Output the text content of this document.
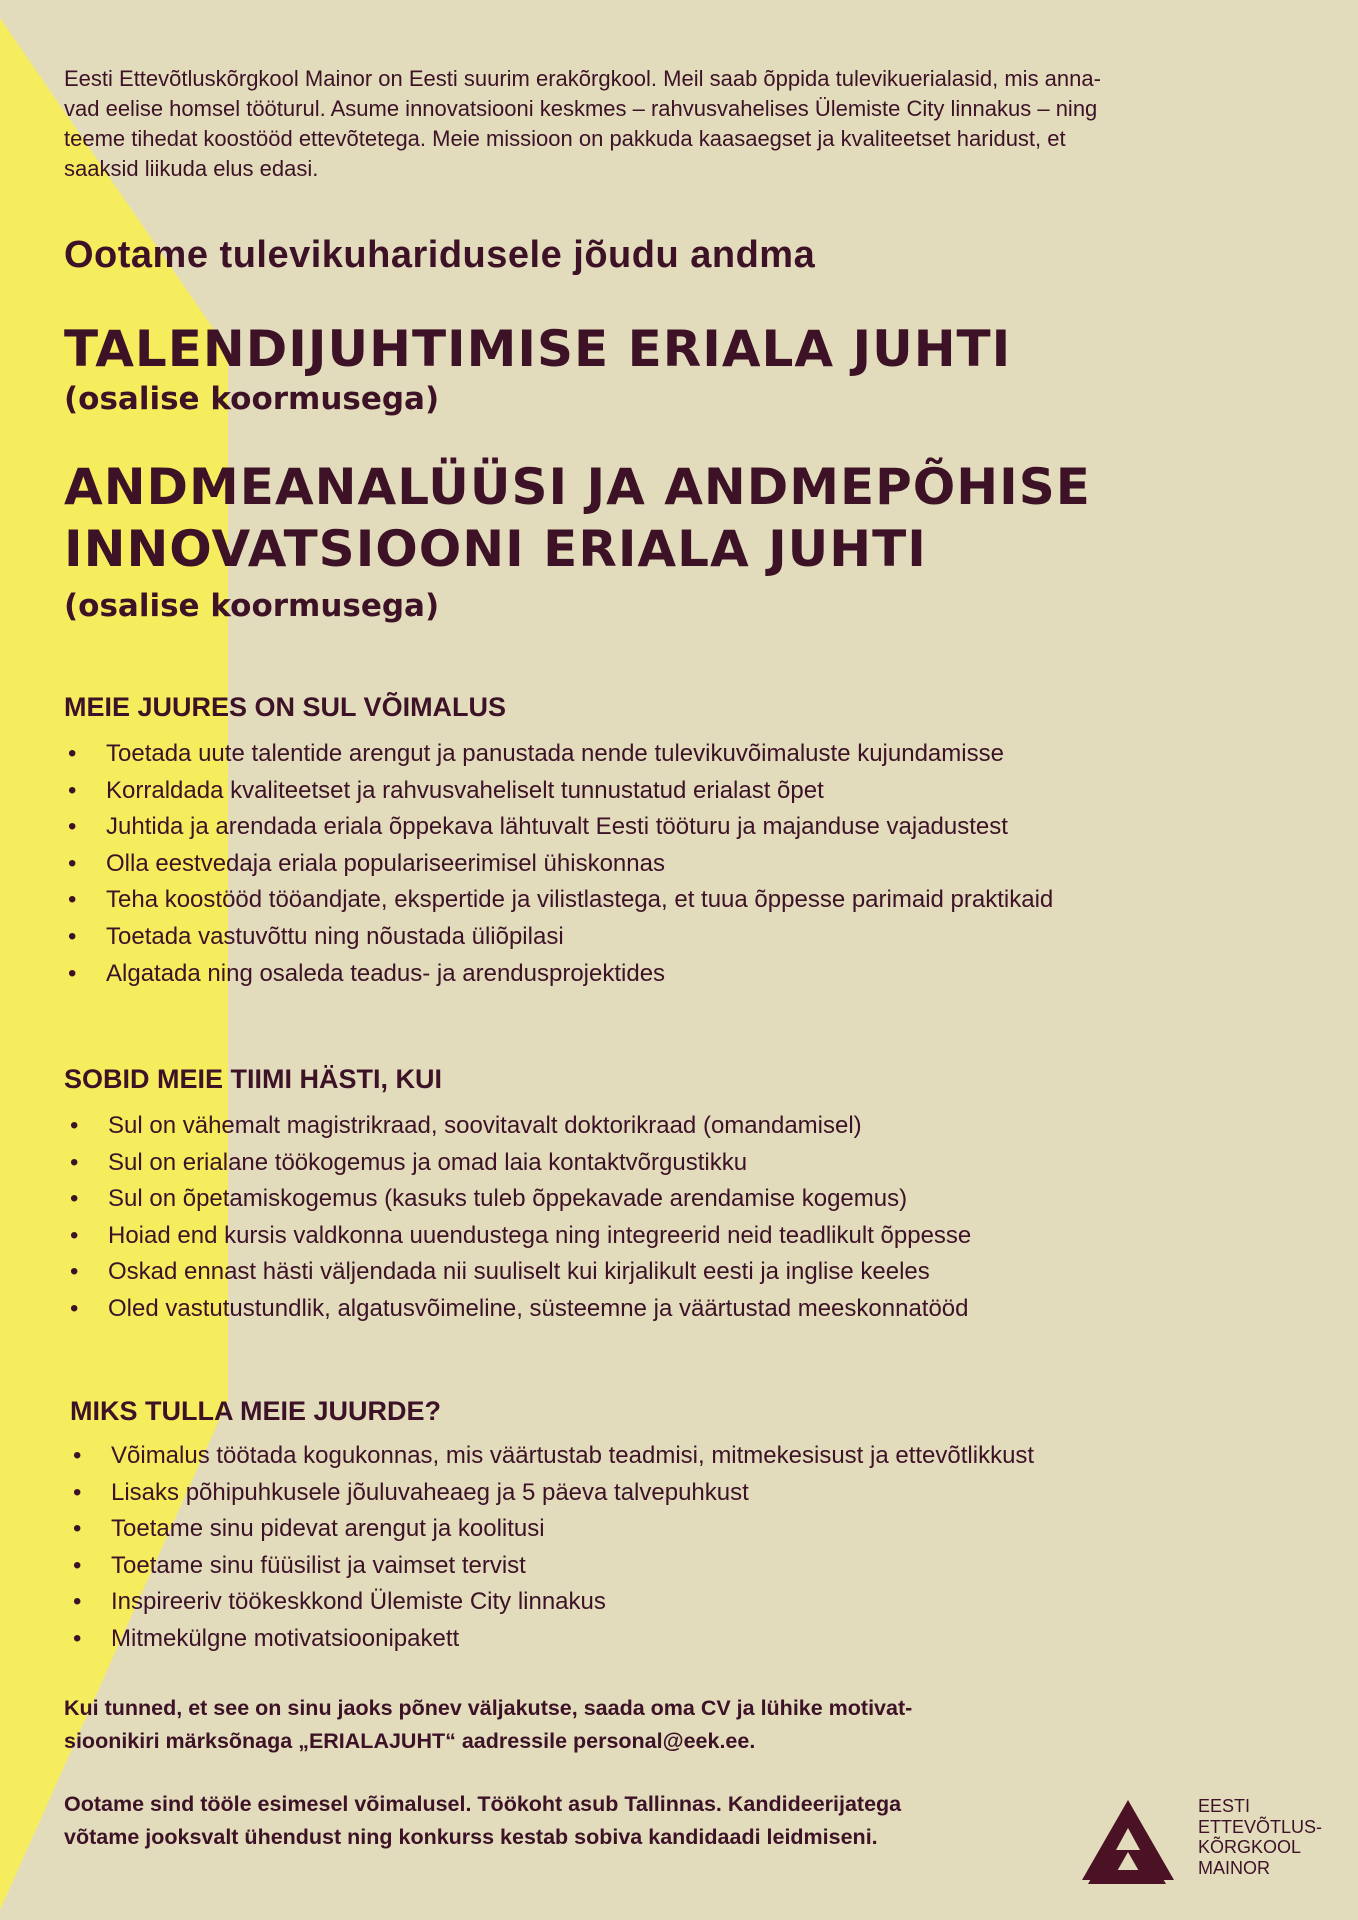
Eesti Ettevõtluskõrgkool Mainor on Eesti suurim erakõrgkool. Meil saab õppida tulevikuerialasid, mis anna-
vad eelise homsel tööturul. Asume innovatsiooni keskmes – rahvusvahelises Ülemiste City linnakus – ning
teeme tihedat koostööd ettevõtetega. Meie missioon on pakkuda kaasaegset ja kvaliteetset haridust, et
saaksid liikuda elus edasi.
Ootame tulevikuharidusele jõudu andma
TALENDIJUHTIMISE ERIALA JUHTI
(osalise koormusega)
ANDMEANALÜÜSI JA ANDMEPÕHISE
INNOVATSIOONI ERIALA JUHTI
(osalise koormusega)
MEIE JUURES ON SUL VÕIMALUS
• Toetada uute talentide arengut ja panustada nende tulevikuvõimaluste kujundamisse
• Korraldada kvaliteetset ja rahvusvaheliselt tunnustatud erialast õpet
• Juhtida ja arendada eriala õppekava lähtuvalt Eesti tööturu ja majanduse vajadustest
• Olla eestvedaja eriala populariseerimisel ühiskonnas
• Teha koostööd tööandjate, ekspertide ja vilistlastega, et tuua õppesse parimaid praktikaid
• Toetada vastuvõttu ning nõustada üliõpilasi
• Algatada ning osaleda teadus- ja arendusprojektides
SOBID MEIE TIIMI HÄSTI, KUI
• Sul on vähemalt magistrikraad, soovitavalt doktorikraad (omandamisel)
• Sul on erialane töökogemus ja omad laia kontaktvõrgustikku
• Sul on õpetamiskogemus (kasuks tuleb õppekavade arendamise kogemus)
• Hoiad end kursis valdkonna uuendustega ning integreerid neid teadlikult õppesse
• Oskad ennast hästi väljendada nii suuliselt kui kirjalikult eesti ja inglise keeles
• Oled vastutustundlik, algatusvõimeline, süsteemne ja väärtustad meeskonnatööd
MIKS TULLA MEIE JUURDE?
• Võimalus töötada kogukonnas, mis väärtustab teadmisi, mitmekesisust ja ettevõtlikkust
• Lisaks põhipuhkusele jõuluvaheaeg ja 5 päeva talvepuhkust
• Toetame sinu pidevat arengut ja koolitusi
• Toetame sinu füüsilist ja vaimset tervist
• Inspireeriv töökeskkond Ülemiste City linnakus
• Mitmekülgne motivatsioonipakett
Kui tunned, et see on sinu jaoks põnev väljakutse, saada oma CV ja lühike motivat-
sioonikiri märksõnaga „ERIALAJUHT“ aadressile personal@eek.ee.
Ootame sind tööle esimesel võimalusel. Töökoht asub Tallinnas. Kandideerijatega
võtame jooksvalt ühendust ning konkurss kestab sobiva kandidaadi leidmiseni.
EESTI
ETTEVÕTLUS-
KÕRGKOOL
MAINOR
